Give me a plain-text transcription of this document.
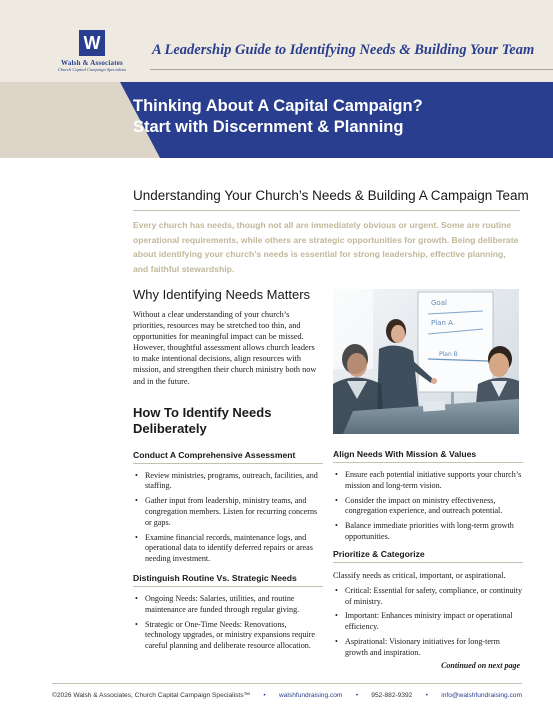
W
Walsh & Associates
Church Capital Campaign Specialists
A Leadership Guide to Identifying Needs & Building Your Team
Thinking About A Capital Campaign?
Start with Discernment & Planning
Understanding Your Church’s Needs & Building A Campaign Team
Every church has needs, though not all are immediately obvious or urgent. Some are routine operational requirements, while others are strategic opportunities for growth. Being deliberate about identifying your church’s needs is essential for strong leadership, effective planning, and faithful stewardship.
Why Identifying Needs Matters
Without a clear understanding of your church’s priorities, resources may be stretched too thin, and opportunities for meaningful impact can be missed. However, thoughtful assessment allows church leaders to make intentional decisions, align resources with mission, and strengthen their church ministry both now and in the future.
How To Identify Needs Deliberately
Conduct A Comprehensive Assessment
• Review ministries, programs, outreach, facilities, and staffing.
• Gather input from leadership, ministry teams, and congregation members. Listen for recurring concerns or gaps.
• Examine financial records, maintenance logs, and operational data to identify deferred repairs or areas needing investment.
Distinguish Routine Vs. Strategic Needs
• Ongoing Needs: Salaries, utilities, and routine maintenance are funded through regular giving.
• Strategic or One-Time Needs: Renovations, technology upgrades, or ministry expansions require careful planning and deliberate resource allocation.
Goal
Plan A
Plan B
Align Needs With Mission & Values
• Ensure each potential initiative supports your church’s mission and long-term vision.
• Consider the impact on ministry effectiveness, congregation experience, and outreach potential.
• Balance immediate priorities with long-term growth opportunities.
Prioritize & Categorize
Classify needs as critical, important, or aspirational.
• Critical: Essential for safety, compliance, or continuity of ministry.
• Important: Enhances ministry impact or operational efficiency.
• Aspirational: Visionary initiatives for long-term growth and inspiration.
Continued on next page
©2026 Walsh & Associates, Church Capital Campaign Specialists™ • walshfundraising.com • 952-882-9392 • info@walshfundraising.com
